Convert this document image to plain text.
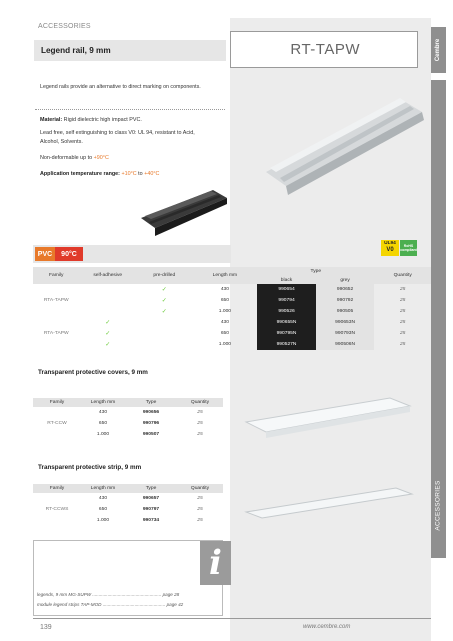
ACCESSORIES
Legend rail, 9 mm	RT-TAPW	Cembre
ACCESSORIES
Legend rails provide an alternative to direct marking on components.
Material: Rigid dielectric high impact PVC.
Lead free, self extinguishing to class V0: UL 94, resistant to Acid,
Alcohol, Solvents.
Non-deformable up to +90°C
Application temperature range: +10°C to +40°C
PVC	90°C
UL94
V0
RoHS compliant
Family	self-adhesive	pre-drilled	Length mm	Type		Quantity
				black	grey	
RTA-TAPW		✓	430	990654	990652	25
		✓	650	990794	990792	25
		✓	1.000	990526	990505	25
RTA-TAPW	✓		430	990655N	990653N	25
	✓		650	990795N	990793N	25
	✓		1.000	990527N	990506N	25
Transparent protective covers, 9 mm
Family	Length mm	Type	Quantity
RT-CCW	430	990656	25
	650	990796	25
	1.000	990507	25
Transparent protective strip, 9 mm
Family	Length mm	Type	Quantity
RT-CCWS	430	990657	25
	650	990797	25
	1.000	990734	25
i
legends, 9 mm MG-SUPW ...................................................... page 28
module legend strips TAP-MOD ................................................. page 42
139	www.cembre.com
